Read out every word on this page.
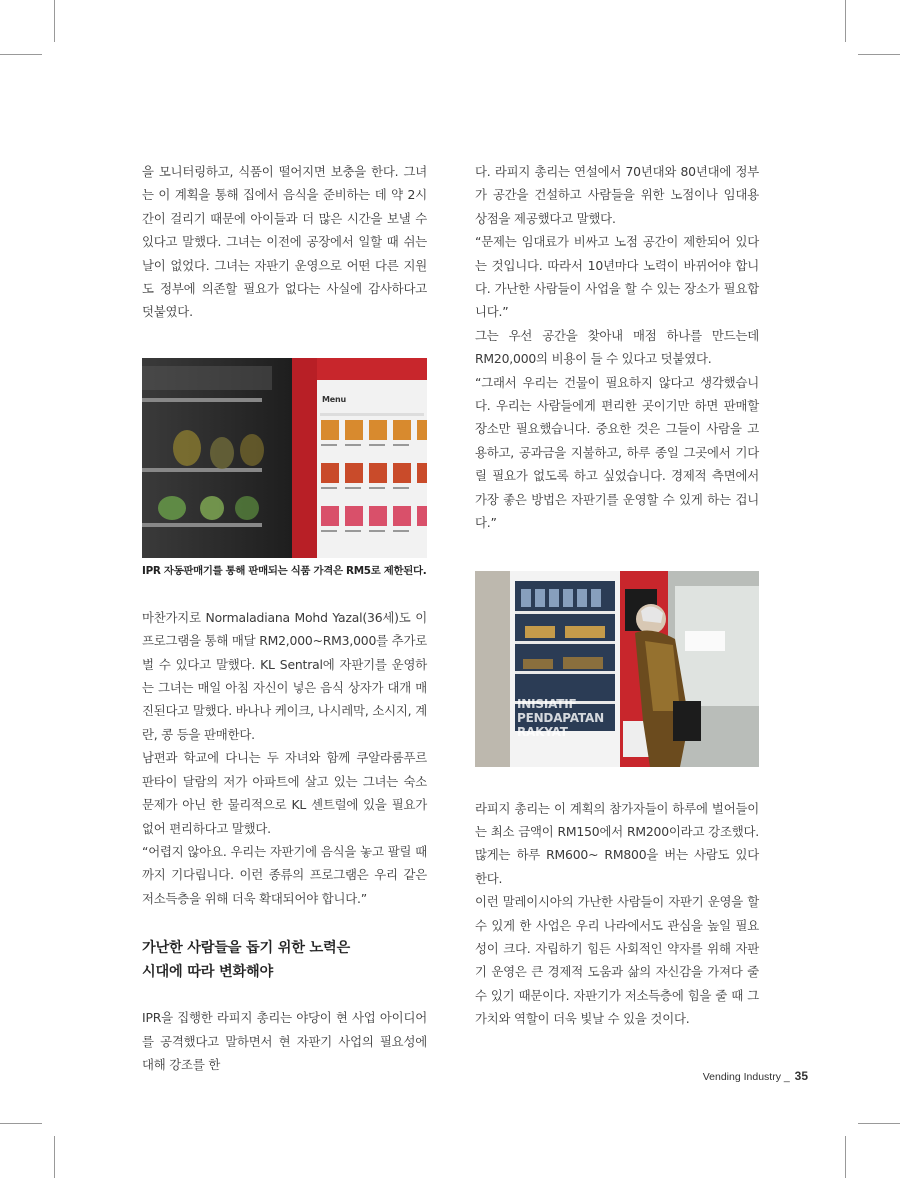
을 모니터링하고, 식품이 떨어지면 보충을 한다. 그녀는 이 계획을 통해 집에서 음식을 준비하는 데 약 2시간이 걸리기 때문에 아이들과 더 많은 시간을 보낼 수 있다고 말했다. 그녀는 이전에 공장에서 일할 때 쉬는 날이 없었다. 그녀는 자판기 운영으로 어떤 다른 지원도 정부에 의존할 필요가 없다는 사실에 감사하다고 덧붙였다.

Menu
IPR 자동판매기를 통해 판매되는 식품 가격은 RM5로 제한된다.

마찬가지로 Normaladiana Mohd Yazal(36세)도 이 프로그램을 통해 매달 RM2,000~RM3,000를 추가로 벌 수 있다고 말했다. KL Sentral에 자판기를 운영하는 그녀는 매일 아침 자신이 넣은 음식 상자가 대개 매진된다고 말했다. 바나나 케이크, 나시레막, 소시지, 계란, 콩 등을 판매한다.

남편과 학교에 다니는 두 자녀와 함께 쿠알라룸푸르 판타이 달람의 저가 아파트에 살고 있는 그녀는 숙소 문제가 아닌 한 물리적으로 KL 센트럴에 있을 필요가 없어 편리하다고 말했다.

“어렵지 않아요. 우리는 자판기에 음식을 놓고 팔릴 때까지 기다립니다. 이런 종류의 프로그램은 우리 같은 저소득층을 위해 더욱 확대되어야 합니다.”

가난한 사람들을 돕기 위한 노력은
시대에 따라 변화해야

IPR을 집행한 라피지 총리는 야당이 현 사업 아이디어를 공격했다고 말하면서 현 자판기 사업의 필요성에 대해 강조를 한

다. 라피지 총리는 연설에서 70년대와 80년대에 정부가 공간을 건설하고 사람들을 위한 노점이나 임대용 상점을 제공했다고 말했다.

“문제는 임대료가 비싸고 노점 공간이 제한되어 있다는 것입니다. 따라서 10년마다 노력이 바뀌어야 합니다. 가난한 사람들이 사업을 할 수 있는 장소가 필요합니다.”

그는 우선 공간을 찾아내 매점 하나를 만드는데 RM20,000의 비용이 들 수 있다고 덧붙였다.

“그래서 우리는 건물이 필요하지 않다고 생각했습니다. 우리는 사람들에게 편리한 곳이기만 하면 판매할 장소만 필요했습니다. 중요한 것은 그들이 사람을 고용하고, 공과금을 지불하고, 하루 종일 그곳에서 기다릴 필요가 없도록 하고 싶었습니다. 경제적 측면에서 가장 좋은 방법은 자판기를 운영할 수 있게 하는 겁니다.”

INISIATIF
PENDAPATAN
RAKYAT

라피지 총리는 이 계획의 참가자들이 하루에 벌어들이는 최소 금액이 RM150에서 RM200이라고 강조했다. 많게는 하루 RM600~ RM800을 버는 사람도 있다 한다.

이런 말레이시아의 가난한 사람들이 자판기 운영을 할 수 있게 한 사업은 우리 나라에서도 관심을 높일 필요성이 크다. 자립하기 힘든 사회적인 약자를 위해 자판기 운영은 큰 경제적 도움과 삶의 자신감을 가져다 줄 수 있기 때문이다. 자판기가 저소득층에 힘을 줄 때 그 가치와 역할이 더욱 빛날 수 있을 것이다.

Vending Industry _ 35
